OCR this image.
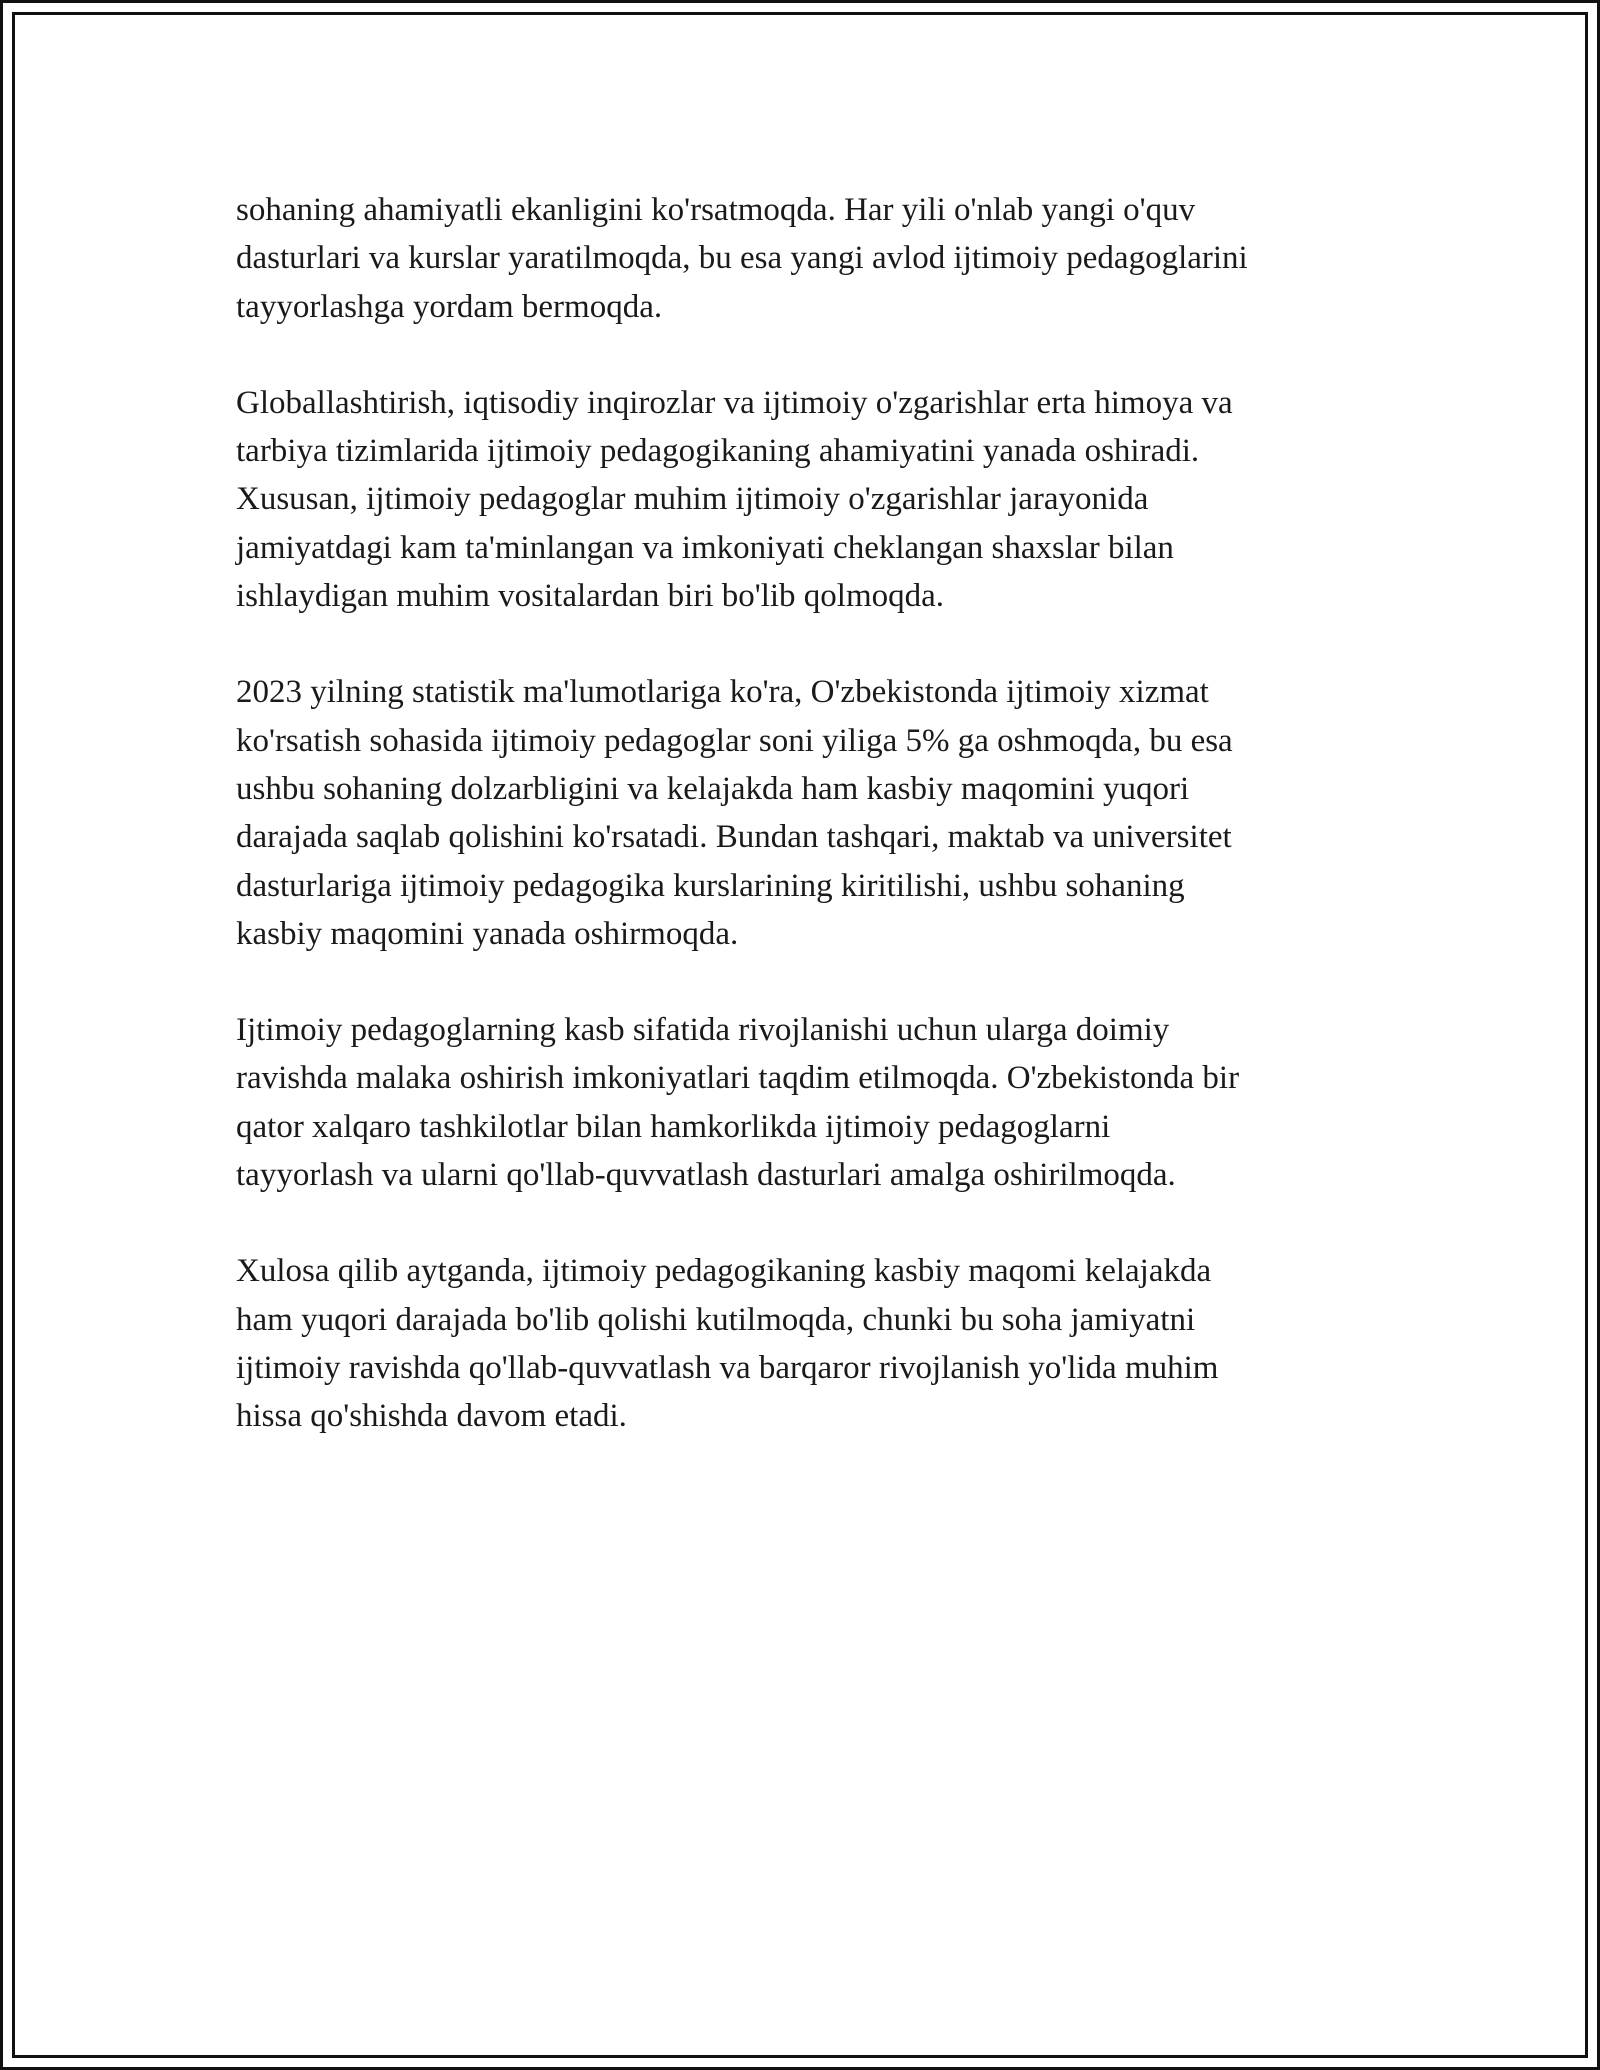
sohaning ahamiyatli ekanligini ko'rsatmoqda. Har yili o'nlab yangi o'quv
dasturlari va kurslar yaratilmoqda, bu esa yangi avlod ijtimoiy pedagoglarini
tayyorlashga yordam bermoqda.

Globallashtirish, iqtisodiy inqirozlar va ijtimoiy o'zgarishlar erta himoya va
tarbiya tizimlarida ijtimoiy pedagogikaning ahamiyatini yanada oshiradi.
Xususan, ijtimoiy pedagoglar muhim ijtimoiy o'zgarishlar jarayonida
jamiyatdagi kam ta'minlangan va imkoniyati cheklangan shaxslar bilan
ishlaydigan muhim vositalardan biri bo'lib qolmoqda.

2023 yilning statistik ma'lumotlariga ko'ra, O'zbekistonda ijtimoiy xizmat
ko'rsatish sohasida ijtimoiy pedagoglar soni yiliga 5% ga oshmoqda, bu esa
ushbu sohaning dolzarbligini va kelajakda ham kasbiy maqomini yuqori
darajada saqlab qolishini ko'rsatadi. Bundan tashqari, maktab va universitet
dasturlariga ijtimoiy pedagogika kurslarining kiritilishi, ushbu sohaning
kasbiy maqomini yanada oshirmoqda.

Ijtimoiy pedagoglarning kasb sifatida rivojlanishi uchun ularga doimiy
ravishda malaka oshirish imkoniyatlari taqdim etilmoqda. O'zbekistonda bir
qator xalqaro tashkilotlar bilan hamkorlikda ijtimoiy pedagoglarni
tayyorlash va ularni qo'llab-quvvatlash dasturlari amalga oshirilmoqda.

Xulosa qilib aytganda, ijtimoiy pedagogikaning kasbiy maqomi kelajakda
ham yuqori darajada bo'lib qolishi kutilmoqda, chunki bu soha jamiyatni
ijtimoiy ravishda qo'llab-quvvatlash va barqaror rivojlanish yo'lida muhim
hissa qo'shishda davom etadi.
